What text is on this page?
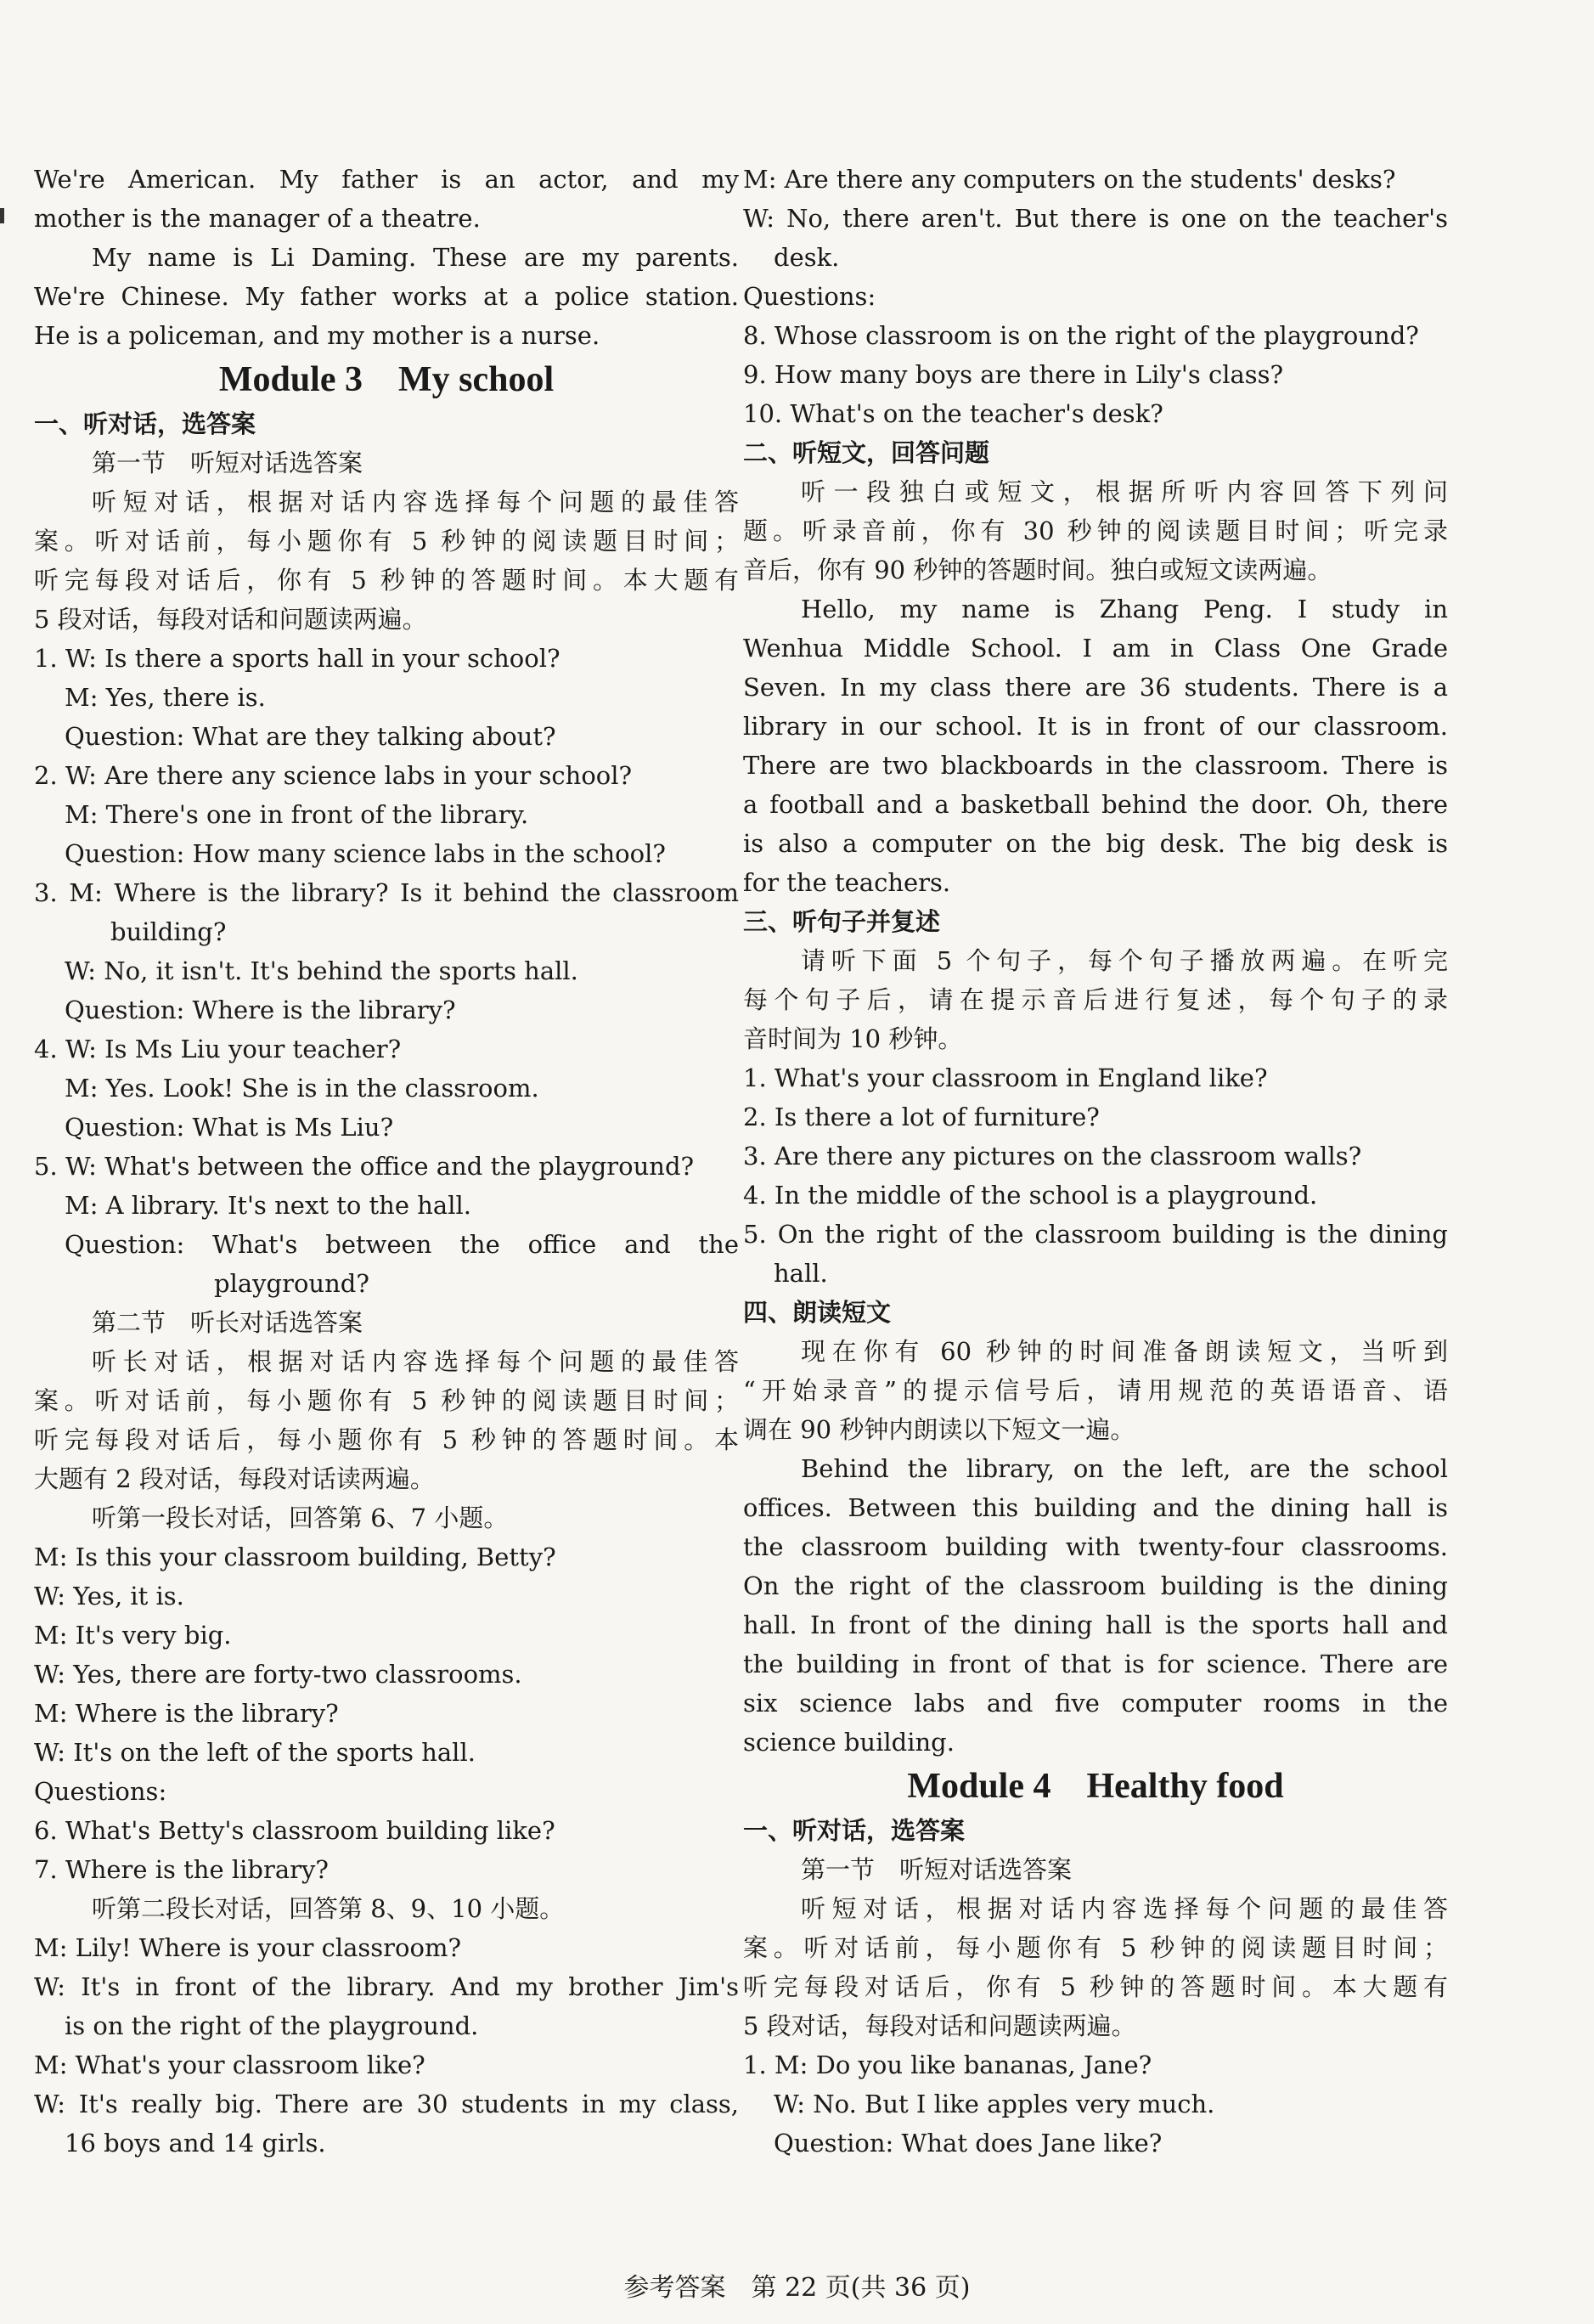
We're American. My father is an actor, and my

mother is the manager of a theatre.

My name is Li Daming. These are my parents.

We're Chinese. My father works at a police station.

He is a policeman, and my mother is a nurse.

Module 3 My school

一、听对话，选答案

第一节　听短对话选答案

听短对话，根据对话内容选择每个问题的最佳答

案。听对话前，每小题你有 5 秒钟的阅读题目时间；

听完每段对话后，你有 5 秒钟的答题时间。本大题有

5 段对话，每段对话和问题读两遍。

1. W: Is there a sports hall in your school?

M: Yes, there is.

Question: What are they talking about?

2. W: Are there any science labs in your school?

M: There's one in front of the library.

Question: How many science labs in the school?

3. M: Where is the library? Is it behind the classroom

building?

W: No, it isn't. It's behind the sports hall.

Question: Where is the library?

4. W: Is Ms Liu your teacher?

M: Yes. Look! She is in the classroom.

Question: What is Ms Liu?

5. W: What's between the office and the playground?

M: A library. It's next to the hall.

Question: What's between the office and the

playground?

第二节　听长对话选答案

听长对话，根据对话内容选择每个问题的最佳答

案。听对话前，每小题你有 5 秒钟的阅读题目时间；

听完每段对话后，每小题你有 5 秒钟的答题时间。本

大题有 2 段对话，每段对话读两遍。

听第一段长对话，回答第 6、7 小题。

M: Is this your classroom building, Betty?

W: Yes, it is.

M: It's very big.

W: Yes, there are forty-two classrooms.

M: Where is the library?

W: It's on the left of the sports hall.

Questions:

6. What's Betty's classroom building like?

7. Where is the library?

听第二段长对话，回答第 8、9、10 小题。

M: Lily! Where is your classroom?

W: It's in front of the library. And my brother Jim's

is on the right of the playground.

M: What's your classroom like?

W: It's really big. There are 30 students in my class,

16 boys and 14 girls.

M: Are there any computers on the students' desks?

W: No, there aren't. But there is one on the teacher's

desk.

Questions:

8. Whose classroom is on the right of the playground?

9. How many boys are there in Lily's class?

10. What's on the teacher's desk?

二、听短文，回答问题

听一段独白或短文，根据所听内容回答下列问

题。听录音前，你有 30 秒钟的阅读题目时间；听完录

音后，你有 90 秒钟的答题时间。独白或短文读两遍。

Hello, my name is Zhang Peng. I study in

Wenhua Middle School. I am in Class One Grade

Seven. In my class there are 36 students. There is a

library in our school. It is in front of our classroom.

There are two blackboards in the classroom. There is

a football and a basketball behind the door. Oh, there

is also a computer on the big desk. The big desk is

for the teachers.

三、听句子并复述

请听下面 5 个句子，每个句子播放两遍。在听完

每个句子后，请在提示音后进行复述，每个句子的录

音时间为 10 秒钟。

1. What's your classroom in England like?

2. Is there a lot of furniture?

3. Are there any pictures on the classroom walls?

4. In the middle of the school is a playground.

5. On the right of the classroom building is the dining

hall.

四、朗读短文

现在你有 60 秒钟的时间准备朗读短文，当听到

“开始录音”的提示信号后，请用规范的英语语音、语

调在 90 秒钟内朗读以下短文一遍。

Behind the library, on the left, are the school

offices. Between this building and the dining hall is

the classroom building with twenty-four classrooms.

On the right of the classroom building is the dining

hall. In front of the dining hall is the sports hall and

the building in front of that is for science. There are

six science labs and five computer rooms in the

science building.

Module 4 Healthy food

一、听对话，选答案

第一节　听短对话选答案

听短对话，根据对话内容选择每个问题的最佳答

案。听对话前，每小题你有 5 秒钟的阅读题目时间；

听完每段对话后，你有 5 秒钟的答题时间。本大题有

5 段对话，每段对话和问题读两遍。

1. M: Do you like bananas, Jane?

W: No. But I like apples very much.

Question: What does Jane like?

参考答案　第 22 页(共 36 页)
